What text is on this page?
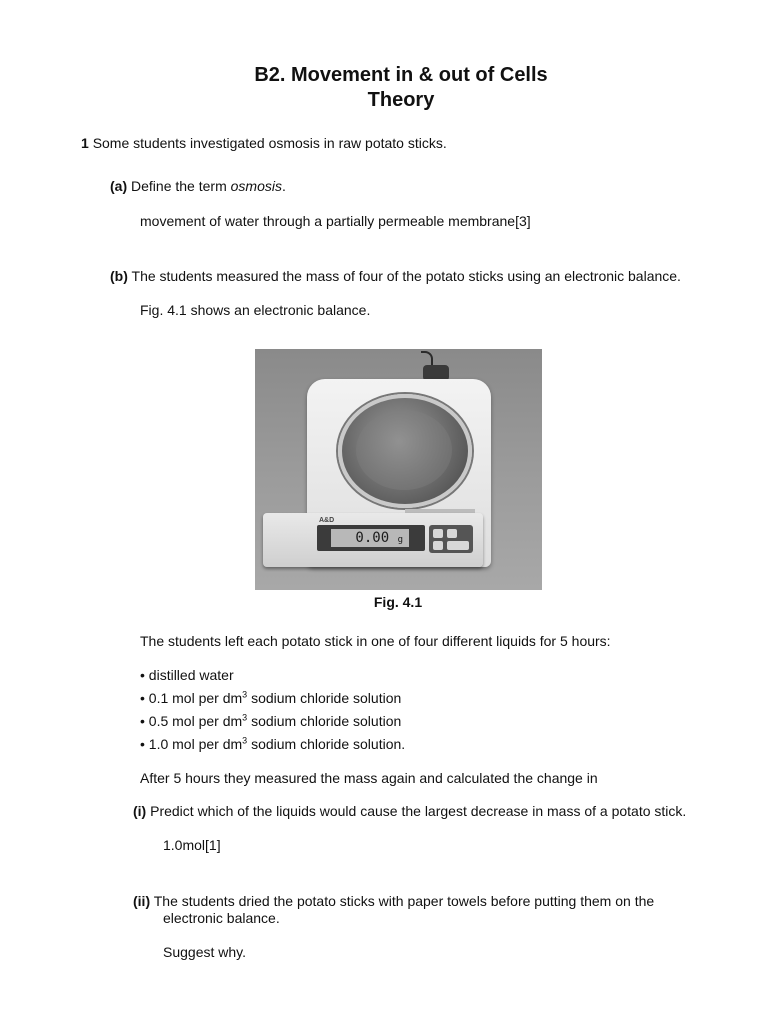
B2. Movement in & out of Cells
Theory
1 Some students investigated osmosis in raw potato sticks.
(a) Define the term osmosis.
movement of water through a partially permeable membrane[3]
(b) The students measured the mass of four of the potato sticks using an electronic balance.
Fig. 4.1 shows an electronic balance.
A&D
0.00 g
Fig. 4.1
The students left each potato stick in one of four different liquids for 5 hours:
• distilled water
• 0.1 mol per $dm^3$ sodium chloride solution
• 0.5 mol per $dm^3$ sodium chloride solution
• 1.0 mol per $dm^3$ sodium chloride solution.
After 5 hours they measured the mass again and calculated the change in
(i) Predict which of the liquids would cause the largest decrease in mass of a potato stick.
1.0mol[1]
(ii) The students dried the potato sticks with paper towels before putting them on the
electronic balance.
Suggest why.
